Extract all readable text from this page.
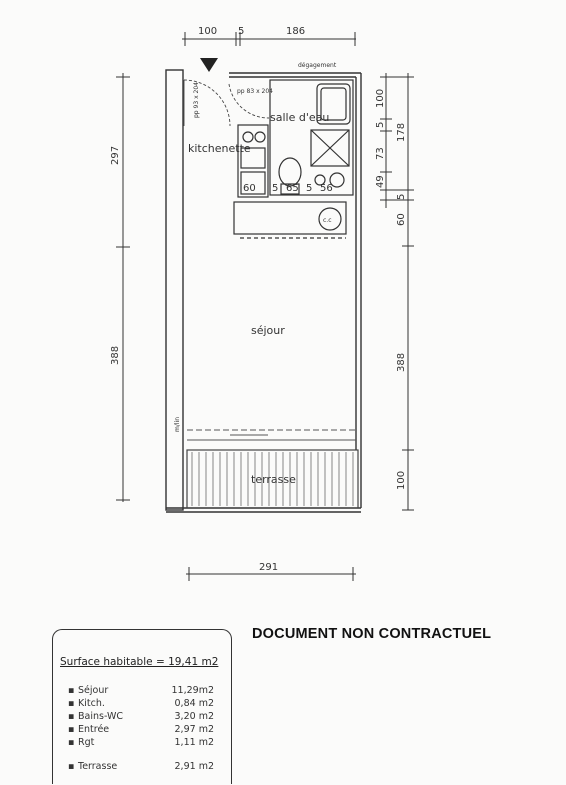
100 5	186
297
388
100
5 178
73
49
5
60
388
100
291
salle d'eau
kitchenette
séjour
terrasse
dégagement
pp 93 x 204	pp 83 x 204
c.c
m/lin
60 5 65 5 56
DOCUMENT NON CONTRACTUEL
Surface habitable = 19,41 m2
▪ Séjour	11,29m2
▪ Kitch.	0,84 m2
▪ Bains-WC	3,20 m2
▪ Entrée	2,97 m2
▪ Rgt	1,11 m2
▪ Terrasse	2,91 m2
